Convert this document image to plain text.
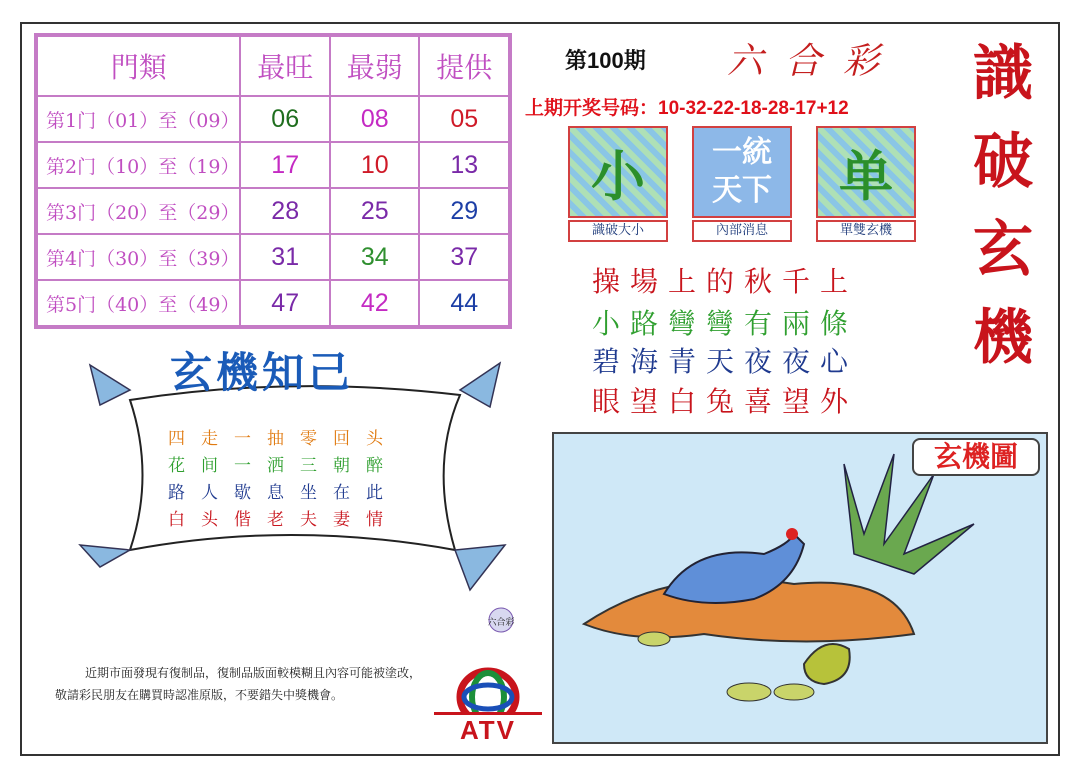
門類	最旺	最弱	提供
第1门（01）至（09）	06	08	05
第2门（10）至（19）	17	10	13
第3门（20）至（29）	28	25	29
第4门（30）至（39）	31	34	37
第5门（40）至（49）	47	42	44
第100期 六合彩
上期开奖号码：10-32-22-18-28-17+12 識
破
玄
機
小
識破大小
一統天下
內部消息
单
單雙玄機
操場上的秋千上
小路彎彎有兩條
碧海青天夜夜心
眼望白兔喜望外
玄機知己
四走一抽零回头
花间一洒三朝醉
路人歇息坐在此
白头偕老夫妻情
近期市面發現有復制品，復制品版面較模糊且內容可能被塗改，敬請彩民朋友在購買時認准原版，不要錯失中獎機會。
六合彩
ATV
玄機圖
